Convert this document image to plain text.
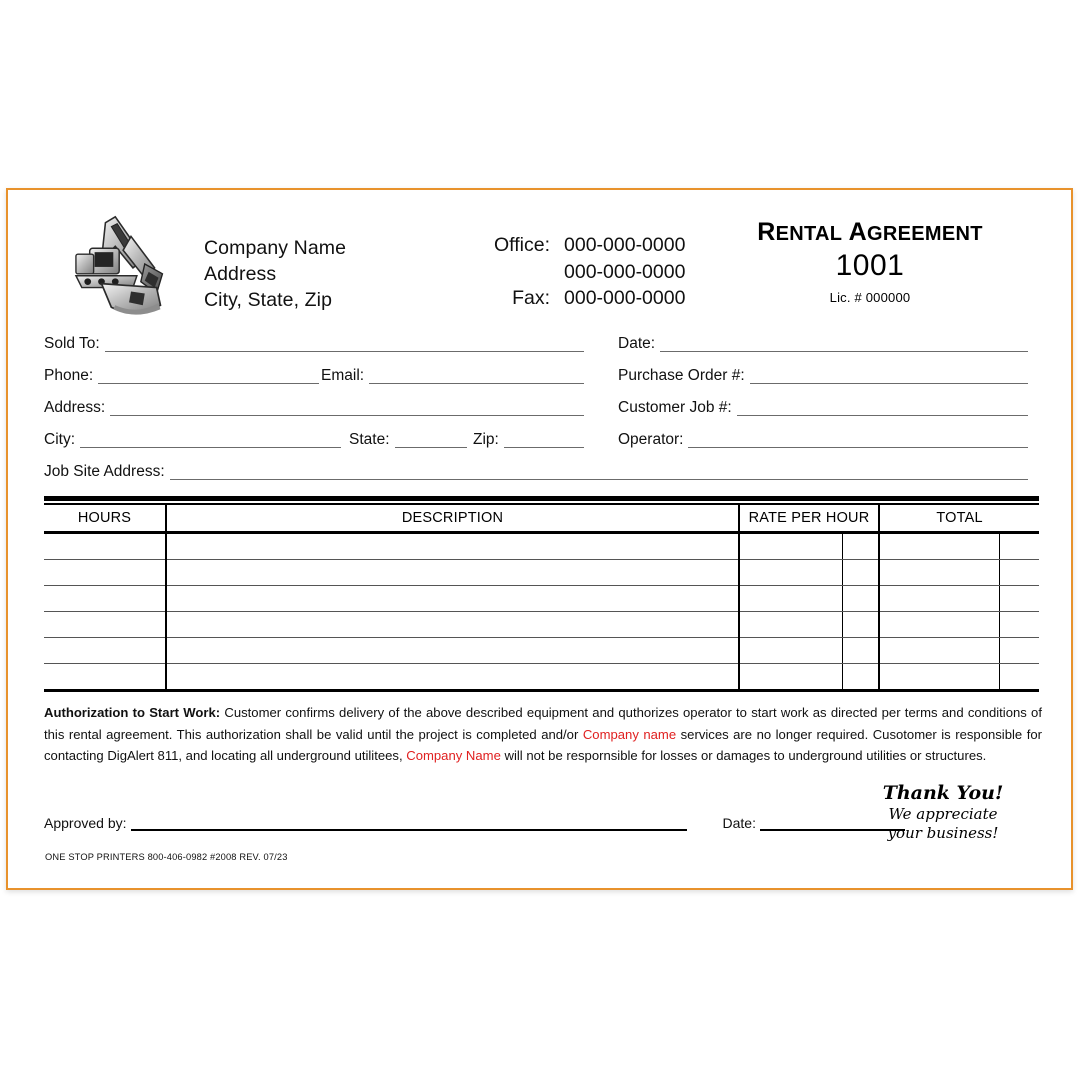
Company Name
Address
City, State, Zip
Office: 000-000-0000
000-000-0000
Fax: 000-000-0000
RENTAL AGREEMENT
1001
Lic. # 000000
Sold To:	Date:
Phone:	Email:	Purchase Order #:
Address:	Customer Job #:
City:	State:	Zip:	Operator:
Job Site Address:
HOURS	DESCRIPTION	RATE PER HOUR		TOTAL	

Authorization to Start Work: Customer confirms delivery of the above described equipment and quthorizes operator to start work as directed per terms and conditions of this rental agreement. This authorization shall be valid until the project is completed and/or Company name services are no longer required. Cusotomer is responsible for contacting DigAlert 811, and locating all underground utilitees, Company Name will not be respornsible for losses or damages to underground utilities or structures.
Thank You!
We appreciate
your business!
Approved by:	Date:
ONE STOP PRINTERS 800-406-0982 #2008 REV. 07/23
